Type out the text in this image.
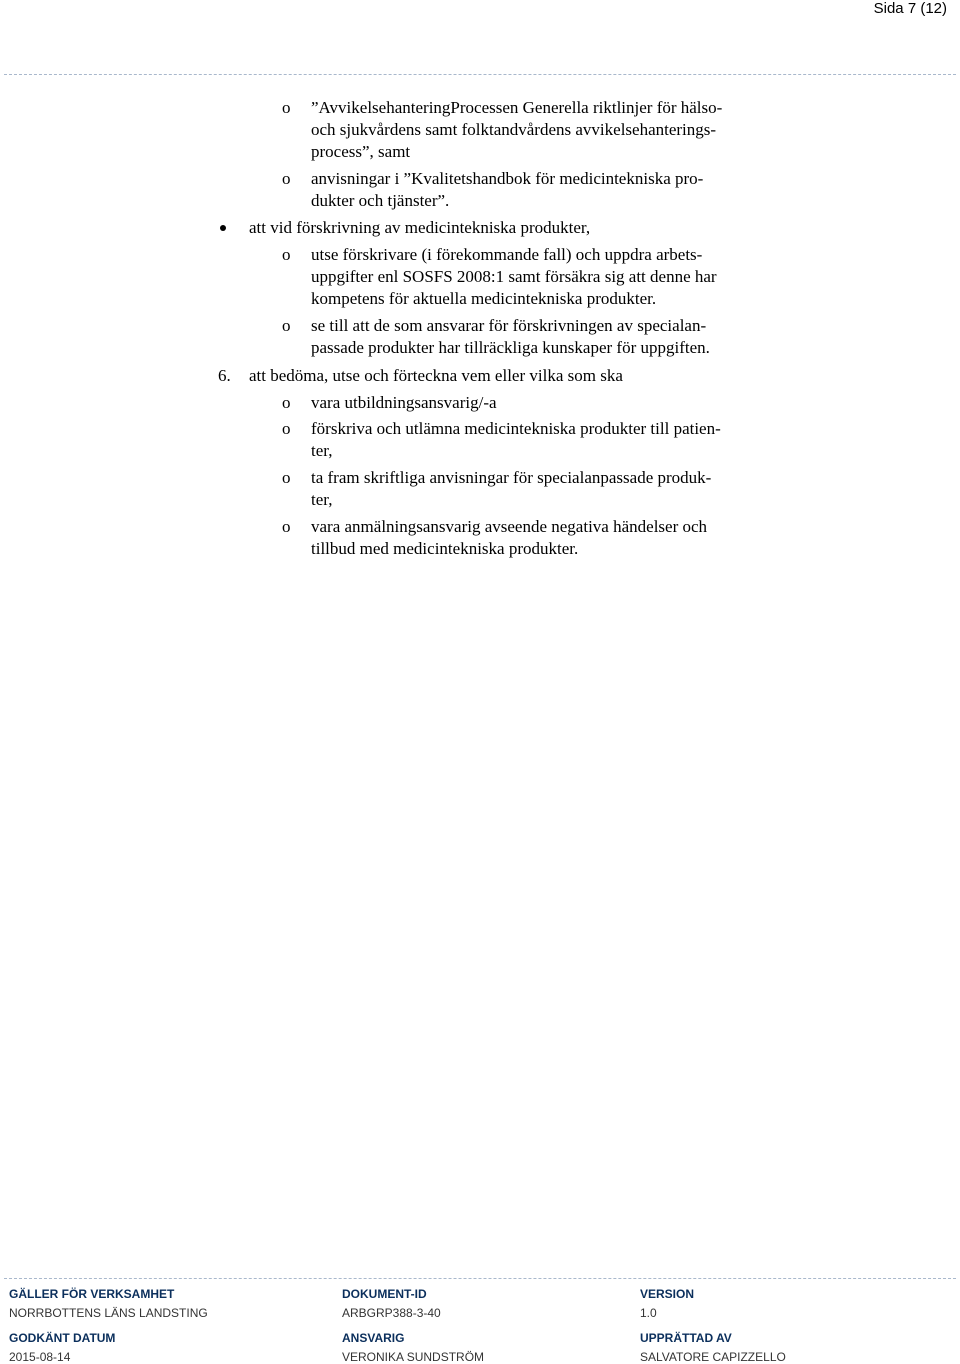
Sida 7 (12)
o ”AvvikelsehanteringProcessen Generella riktlinjer för hälso-
och sjukvårdens samt folktandvårdens avvikelsehanterings-
process”, samt
o anvisningar i ”Kvalitetshandbok för medicintekniska pro-
dukter och tjänster”.
att vid förskrivning av medicintekniska produkter,
o utse förskrivare (i förekommande fall) och uppdra arbets-
uppgifter enl SOSFS 2008:1 samt försäkra sig att denne har
kompetens för aktuella medicintekniska produkter.
o se till att de som ansvarar för förskrivningen av specialan-
passade produkter har tillräckliga kunskaper för uppgiften.
6. att bedöma, utse och förteckna vem eller vilka som ska
o vara utbildningsansvarig/-a
o förskriva och utlämna medicintekniska produkter till patien-
ter,
o ta fram skriftliga anvisningar för specialanpassade produk-
ter,
o vara anmälningsansvarig avseende negativa händelser och
tillbud med medicintekniska produkter.
GÄLLER FÖR VERKSAMHET
NORRBOTTENS LÄNS LANDSTING
DOKUMENT-ID
ARBGRP388-3-40
VERSION
1.0
GODKÄNT DATUM
2015-08-14
ANSVARIG
VERONIKA SUNDSTRÖM
UPPRÄTTAD AV
SALVATORE CAPIZZELLO
